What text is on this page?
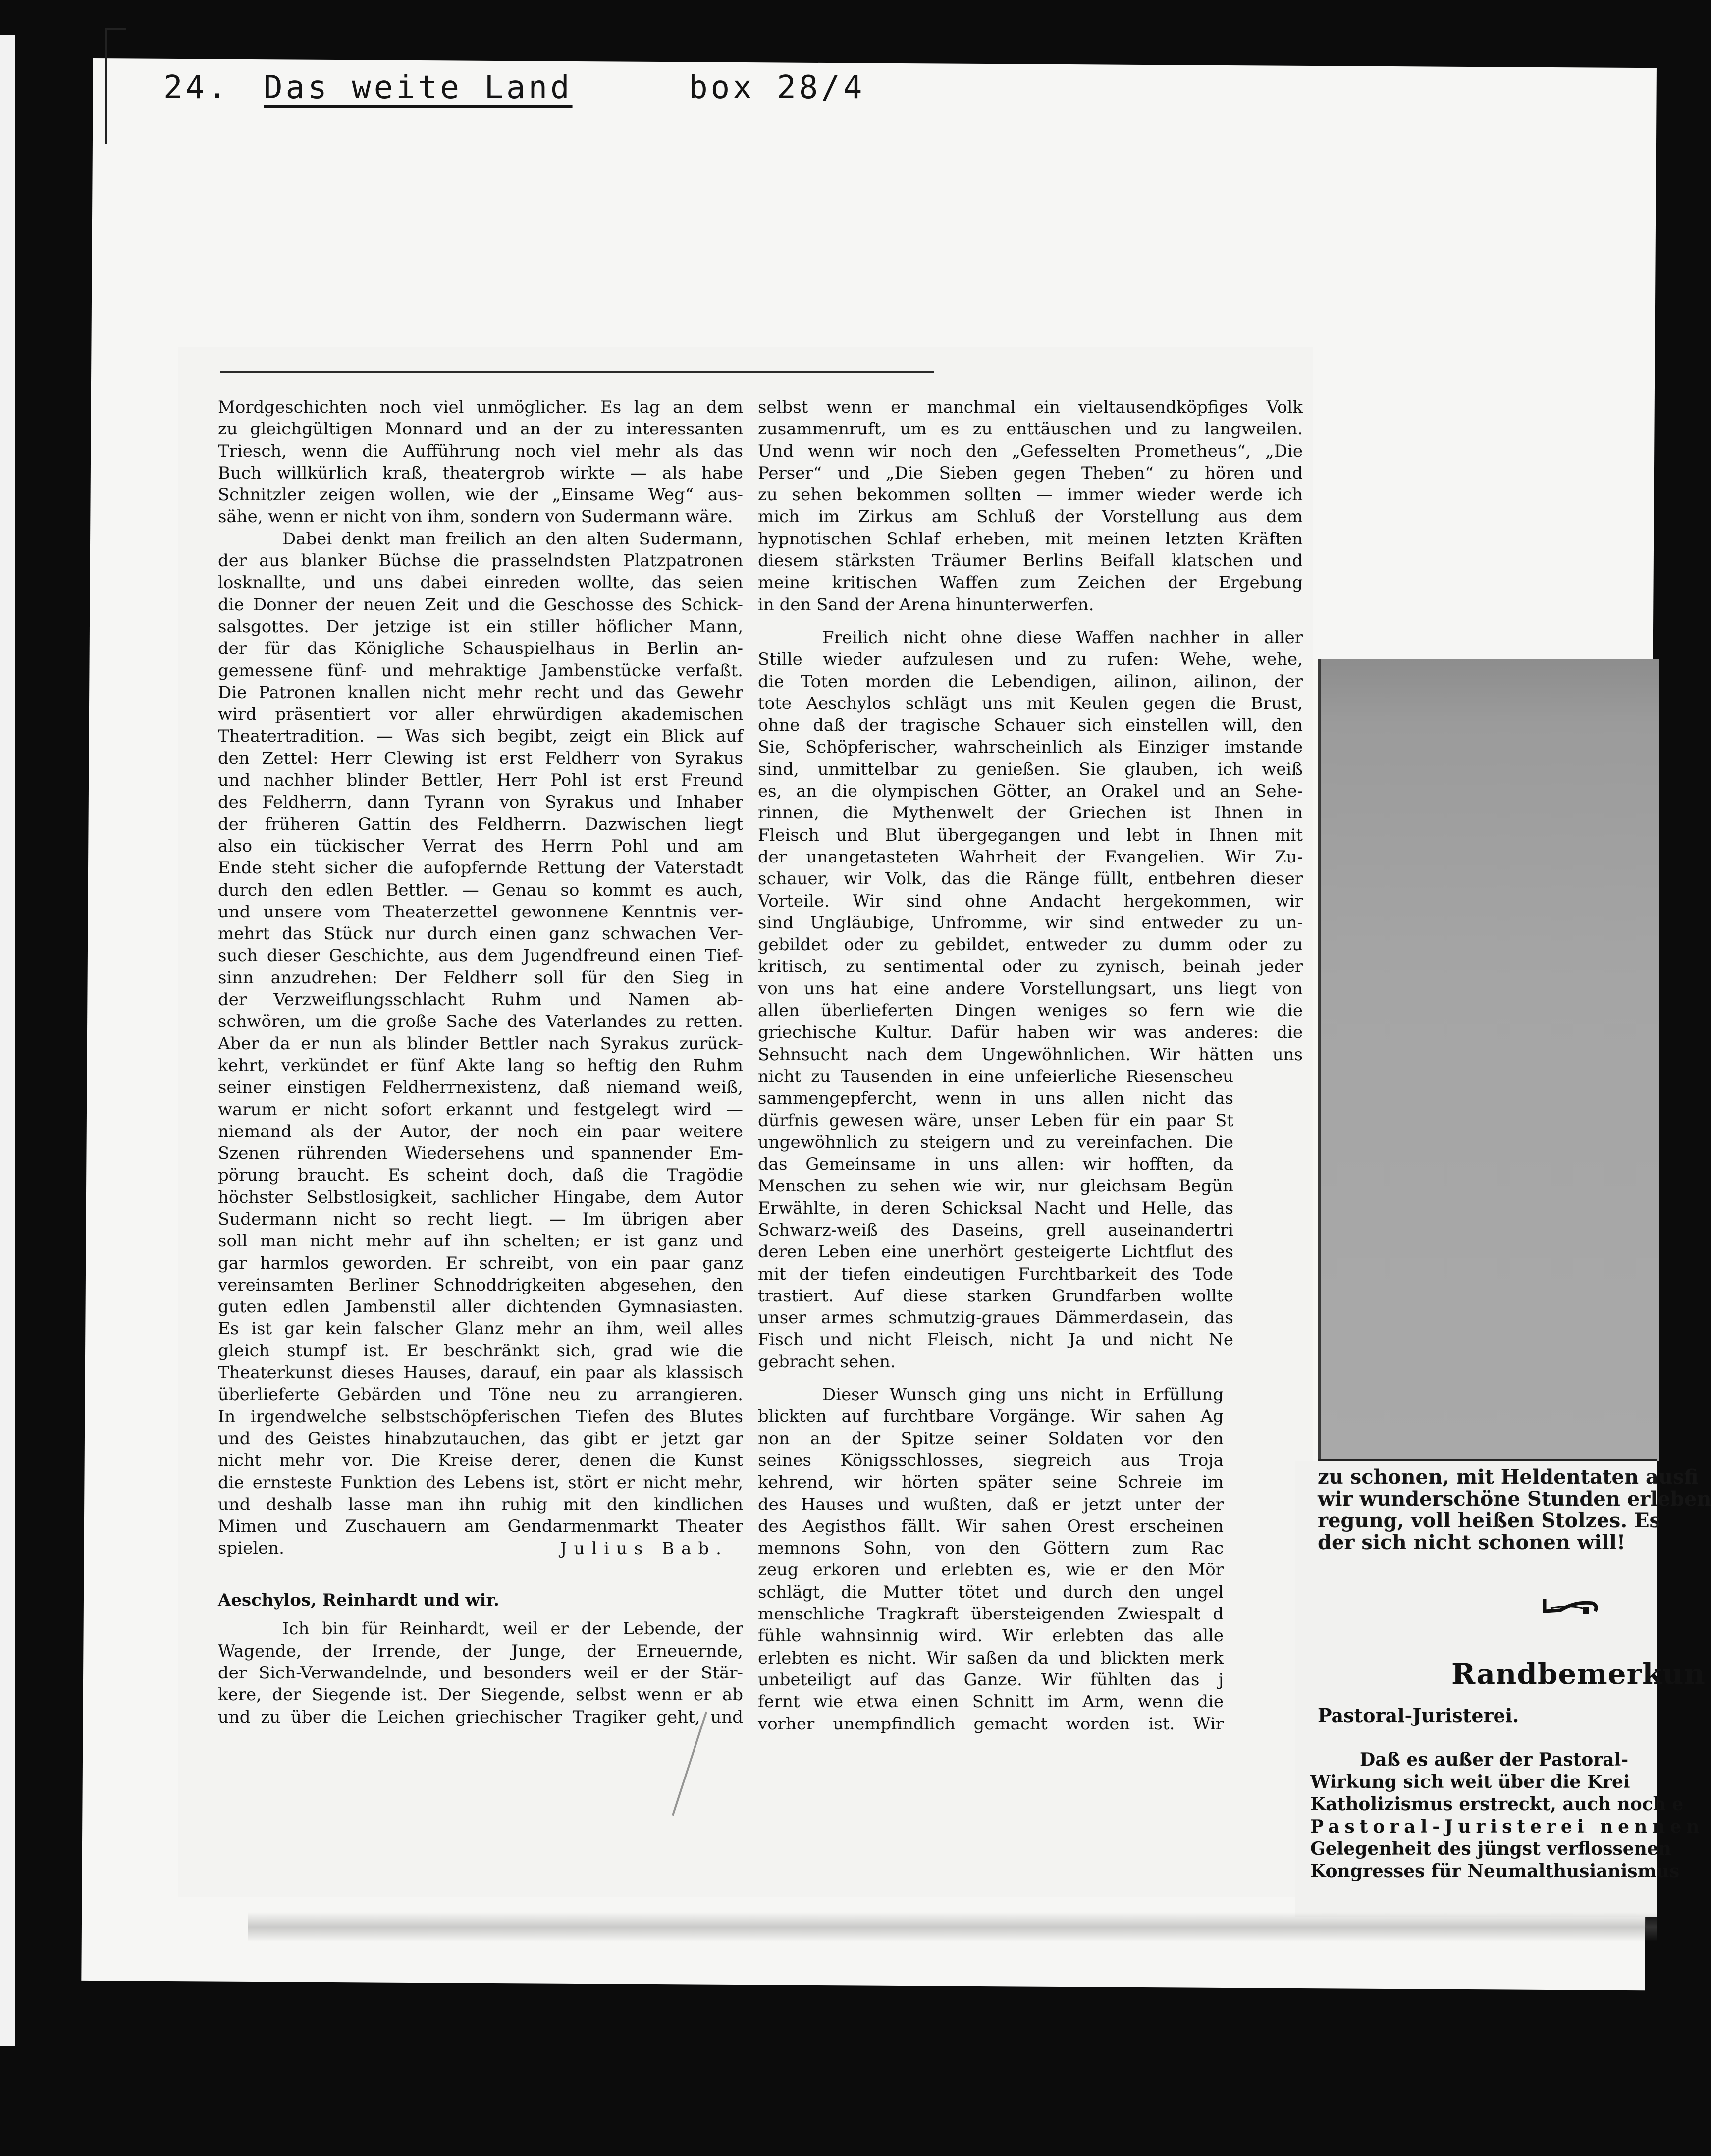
24. Das weite Land	box 28/4
Mordgeschichten noch viel unmöglicher. Es lag an dem
zu gleichgültigen Monnard und an der zu interessanten
Triesch, wenn die Aufführung noch viel mehr als das
Buch willkürlich kraß, theatergrob wirkte — als habe
Schnitzler zeigen wollen, wie der „Einsame Weg“ aus-
sähe, wenn er nicht von ihm, sondern von Sudermann wäre.
Dabei denkt man freilich an den alten Sudermann,
der aus blanker Büchse die prasselndsten Platzpatronen
losknallte, und uns dabei einreden wollte, das seien
die Donner der neuen Zeit und die Geschosse des Schick-
salsgottes. Der jetzige ist ein stiller höflicher Mann,
der für das Königliche Schauspielhaus in Berlin an-
gemessene fünf- und mehraktige Jambenstücke verfaßt.
Die Patronen knallen nicht mehr recht und das Gewehr
wird präsentiert vor aller ehrwürdigen akademischen
Theatertradition. — Was sich begibt, zeigt ein Blick auf
den Zettel: Herr Clewing ist erst Feldherr von Syrakus
und nachher blinder Bettler, Herr Pohl ist erst Freund
des Feldherrn, dann Tyrann von Syrakus und Inhaber
der früheren Gattin des Feldherrn. Dazwischen liegt
also ein tückischer Verrat des Herrn Pohl und am
Ende steht sicher die aufopfernde Rettung der Vaterstadt
durch den edlen Bettler. — Genau so kommt es auch,
und unsere vom Theaterzettel gewonnene Kenntnis ver-
mehrt das Stück nur durch einen ganz schwachen Ver-
such dieser Geschichte, aus dem Jugendfreund einen Tief-
sinn anzudrehen: Der Feldherr soll für den Sieg in
der Verzweiflungsschlacht Ruhm und Namen ab-
schwören, um die große Sache des Vaterlandes zu retten.
Aber da er nun als blinder Bettler nach Syrakus zurück-
kehrt, verkündet er fünf Akte lang so heftig den Ruhm
seiner einstigen Feldherrnexistenz, daß niemand weiß,
warum er nicht sofort erkannt und festgelegt wird —
niemand als der Autor, der noch ein paar weitere
Szenen rührenden Wiedersehens und spannender Em-
pörung braucht. Es scheint doch, daß die Tragödie
höchster Selbstlosigkeit, sachlicher Hingabe, dem Autor
Sudermann nicht so recht liegt. — Im übrigen aber
soll man nicht mehr auf ihn schelten; er ist ganz und
gar harmlos geworden. Er schreibt, von ein paar ganz
vereinsamten Berliner Schnoddrigkeiten abgesehen, den
guten edlen Jambenstil aller dichtenden Gymnasiasten.
Es ist gar kein falscher Glanz mehr an ihm, weil alles
gleich stumpf ist. Er beschränkt sich, grad wie die
Theaterkunst dieses Hauses, darauf, ein paar als klassisch
überlieferte Gebärden und Töne neu zu arrangieren.
In irgendwelche selbstschöpferischen Tiefen des Blutes
und des Geistes hinabzutauchen, das gibt er jetzt gar
nicht mehr vor. Die Kreise derer, denen die Kunst
die ernsteste Funktion des Lebens ist, stört er nicht mehr,
und deshalb lasse man ihn ruhig mit den kindlichen
Mimen und Zuschauern am Gendarmenmarkt Theater
spielen.	Julius Bab.
Aeschylos, Reinhardt und wir.
Ich bin für Reinhardt, weil er der Lebende, der
Wagende, der Irrende, der Junge, der Erneuernde,
der Sich-Verwandelnde, und besonders weil er der Stär-
kere, der Siegende ist. Der Siegende, selbst wenn er ab
und zu über die Leichen griechischer Tragiker geht, und
selbst wenn er manchmal ein vieltausendköpfiges Volk
zusammenruft, um es zu enttäuschen und zu langweilen.
Und wenn wir noch den „Gefesselten Prometheus“, „Die
Perser“ und „Die Sieben gegen Theben“ zu hören und
zu sehen bekommen sollten — immer wieder werde ich
mich im Zirkus am Schluß der Vorstellung aus dem
hypnotischen Schlaf erheben, mit meinen letzten Kräften
diesem stärksten Träumer Berlins Beifall klatschen und
meine kritischen Waffen zum Zeichen der Ergebung
in den Sand der Arena hinunterwerfen.
Freilich nicht ohne diese Waffen nachher in aller
Stille wieder aufzulesen und zu rufen: Wehe, wehe,
die Toten morden die Lebendigen, ailinon, ailinon, der
tote Aeschylos schlägt uns mit Keulen gegen die Brust,
ohne daß der tragische Schauer sich einstellen will, den
Sie, Schöpferischer, wahrscheinlich als Einziger imstande
sind, unmittelbar zu genießen. Sie glauben, ich weiß
es, an die olympischen Götter, an Orakel und an Sehe-
rinnen, die Mythenwelt der Griechen ist Ihnen in
Fleisch und Blut übergegangen und lebt in Ihnen mit
der unangetasteten Wahrheit der Evangelien. Wir Zu-
schauer, wir Volk, das die Ränge füllt, entbehren dieser
Vorteile. Wir sind ohne Andacht hergekommen, wir
sind Ungläubige, Unfromme, wir sind entweder zu un-
gebildet oder zu gebildet, entweder zu dumm oder zu
kritisch, zu sentimental oder zu zynisch, beinah jeder
von uns hat eine andere Vorstellungsart, uns liegt von
allen überlieferten Dingen weniges so fern wie die
griechische Kultur. Dafür haben wir was anderes: die
Sehnsucht nach dem Ungewöhnlichen. Wir hätten uns
nicht zu Tausenden in eine unfeierliche Riesenscheu
sammengepfercht, wenn in uns allen nicht das
dürfnis gewesen wäre, unser Leben für ein paar St
ungewöhnlich zu steigern und zu vereinfachen. Die
das Gemeinsame in uns allen: wir hofften, da
Menschen zu sehen wie wir, nur gleichsam Begün
Erwählte, in deren Schicksal Nacht und Helle, das
Schwarz-weiß des Daseins, grell auseinandertri
deren Leben eine unerhört gesteigerte Lichtflut des
mit der tiefen eindeutigen Furchtbarkeit des Tode
trastiert. Auf diese starken Grundfarben wollte
unser armes schmutzig-graues Dämmerdasein, das
Fisch und nicht Fleisch, nicht Ja und nicht Ne
gebracht sehen.
Dieser Wunsch ging uns nicht in Erfüllung
blickten auf furchtbare Vorgänge. Wir sahen Ag
non an der Spitze seiner Soldaten vor den
seines Königsschlosses, siegreich aus Troja
kehrend, wir hörten später seine Schreie im
des Hauses und wußten, daß er jetzt unter der
des Aegisthos fällt. Wir sahen Orest erscheinen
memnons Sohn, von den Göttern zum Rac
zeug erkoren und erlebten es, wie er den Mör
schlägt, die Mutter tötet und durch den ungel
menschliche Tragkraft übersteigenden Zwiespalt d
fühle wahnsinnig wird. Wir erlebten das alle
erlebten es nicht. Wir saßen da und blickten merk
unbeteiligt auf das Ganze. Wir fühlten das j
fernt wie etwa einen Schnitt im Arm, wenn die
vorher unempfindlich gemacht worden ist. Wir
zu schonen, mit Heldentaten ausfi
wir wunderschöne Stunden erleben
regung, voll heißen Stolzes. Es
der sich nicht schonen will!
Randbemerkun
Pastoral-Juristerei.
Daß es außer der Pastoral-
Wirkung sich weit über die Krei
Katholizismus erstreckt, auch noch e
Pastoral-Juristerei nennen
Gelegenheit des jüngst verflossenen
Kongresses für Neumalthusianismus
